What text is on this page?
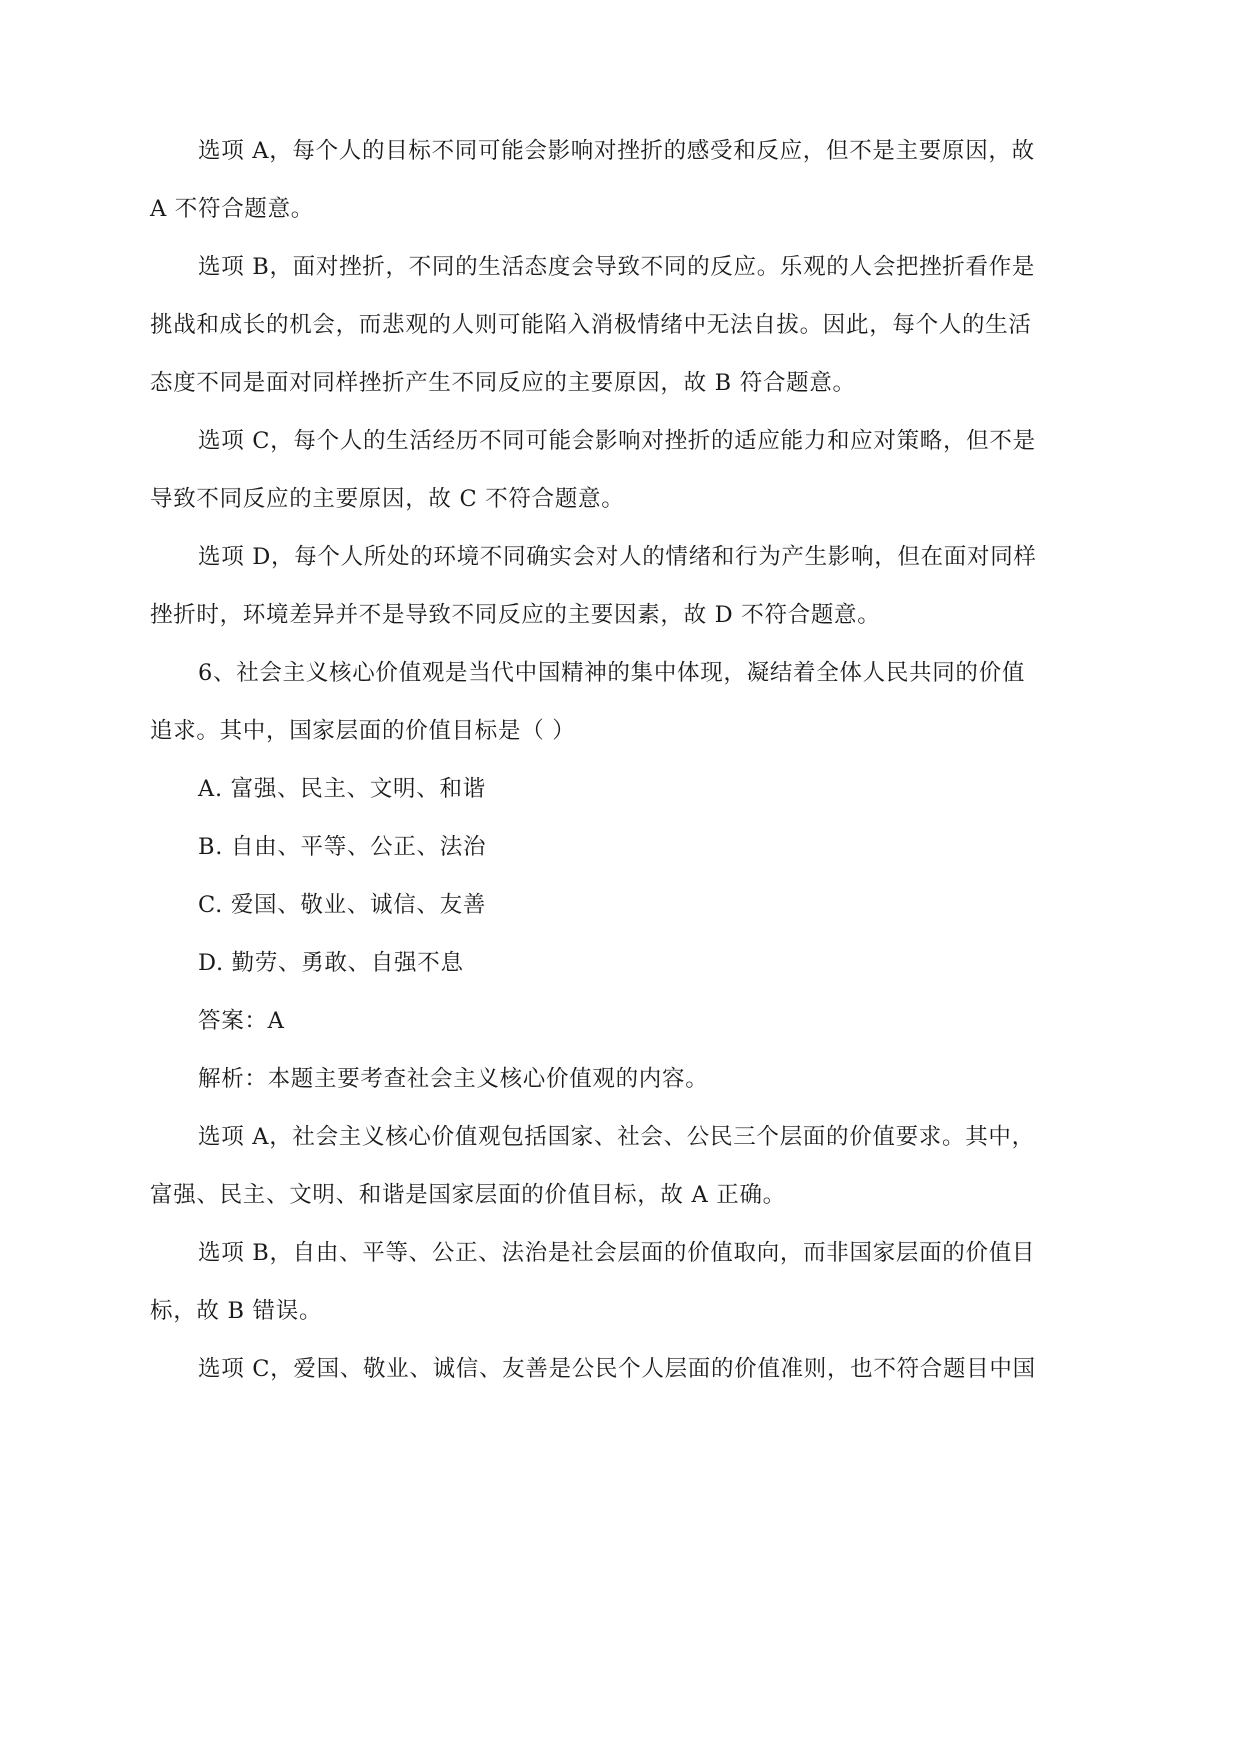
选项 A，每个人的目标不同可能会影响对挫折的感受和反应，但不是主要原因，故
A 不符合题意。
选项 B，面对挫折，不同的生活态度会导致不同的反应。乐观的人会把挫折看作是
挑战和成长的机会，而悲观的人则可能陷入消极情绪中无法自拔。因此，每个人的生活
态度不同是面对同样挫折产生不同反应的主要原因，故 B 符合题意。
选项 C，每个人的生活经历不同可能会影响对挫折的适应能力和应对策略，但不是
导致不同反应的主要原因，故 C 不符合题意。
选项 D，每个人所处的环境不同确实会对人的情绪和行为产生影响，但在面对同样
挫折时，环境差异并不是导致不同反应的主要因素，故 D 不符合题意。
6、社会主义核心价值观是当代中国精神的集中体现，凝结着全体人民共同的价值
追求。其中，国家层面的价值目标是（ ）
A. 富强、民主、文明、和谐
B. 自由、平等、公正、法治
C. 爱国、敬业、诚信、友善
D. 勤劳、勇敢、自强不息
答案：A
解析：本题主要考查社会主义核心价值观的内容。
选项 A，社会主义核心价值观包括国家、社会、公民三个层面的价值要求。其中，
富强、民主、文明、和谐是国家层面的价值目标，故 A 正确。
选项 B，自由、平等、公正、法治是社会层面的价值取向，而非国家层面的价值目
标，故 B 错误。
选项 C，爱国、敬业、诚信、友善是公民个人层面的价值准则，也不符合题目中国
